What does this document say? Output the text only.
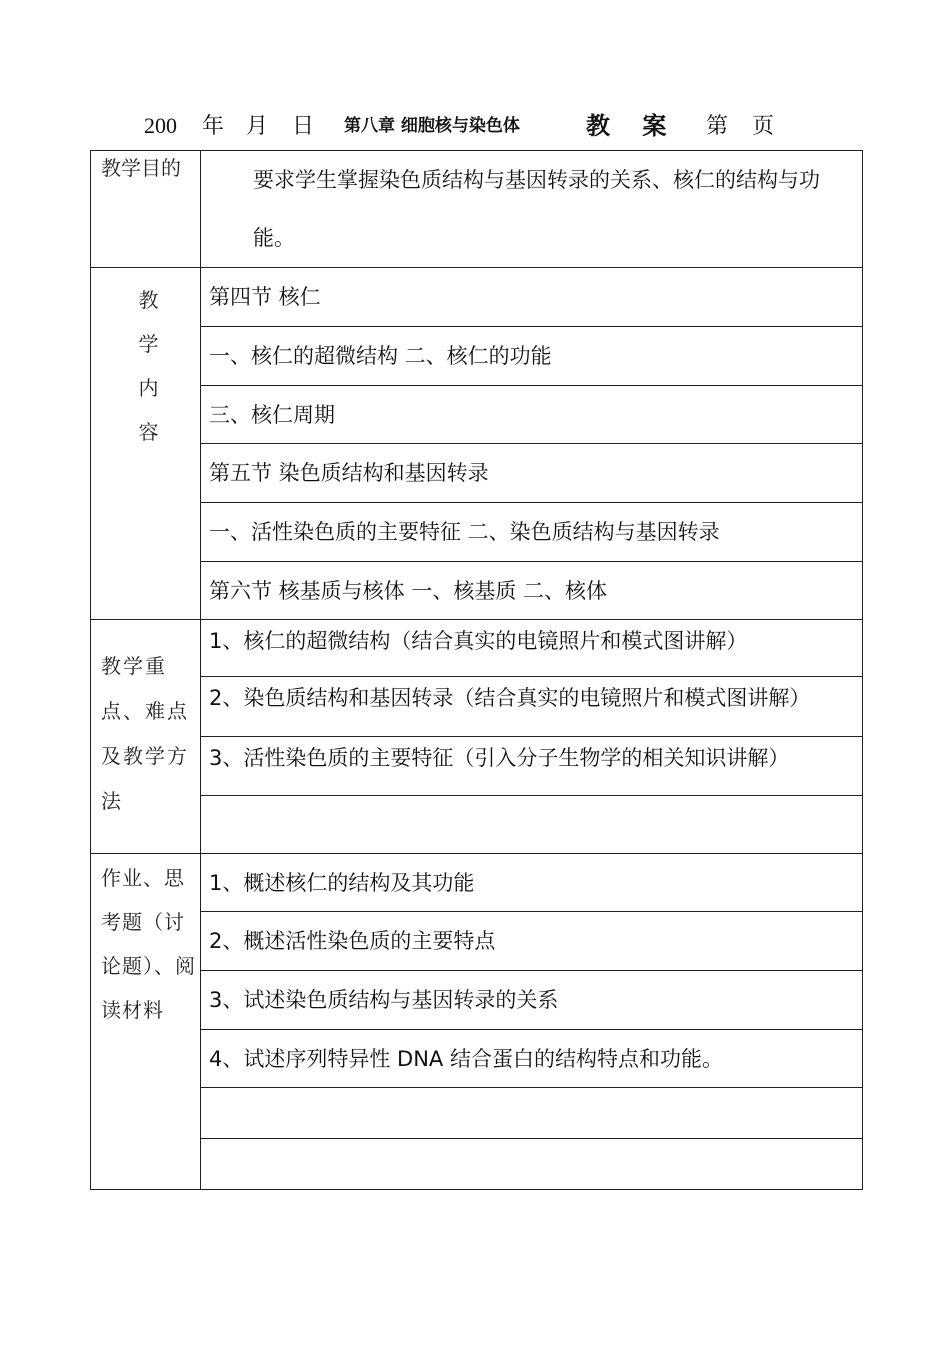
200 年 月 日 第八章 细胞核与染色体	教 案 第 页
教学目的	要求学生掌握染色质结构与基因转录的关系、核仁的结构与功能。

教
学
内
容	第四节 核仁
	一、核仁的超微结构 二、核仁的功能
	三、核仁周期
	第五节 染色质结构和基因转录
	一、活性染色质的主要特征 二、染色质结构与基因转录
	第六节 核基质与核体 一、核基质 二、核体
教学重点、难点及教学方法	1、核仁的超微结构（结合真实的电镜照片和模式图讲解）
	2、染色质结构和基因转录（结合真实的电镜照片和模式图讲解）
	3、活性染色质的主要特征（引入分子生物学的相关知识讲解）

作业、思考题（讨论题）、阅读材料	1、概述核仁的结构及其功能
	2、概述活性染色质的主要特点
	3、试述染色质结构与基因转录的关系
	4、试述序列特异性 DNA 结合蛋白的结构特点和功能。
